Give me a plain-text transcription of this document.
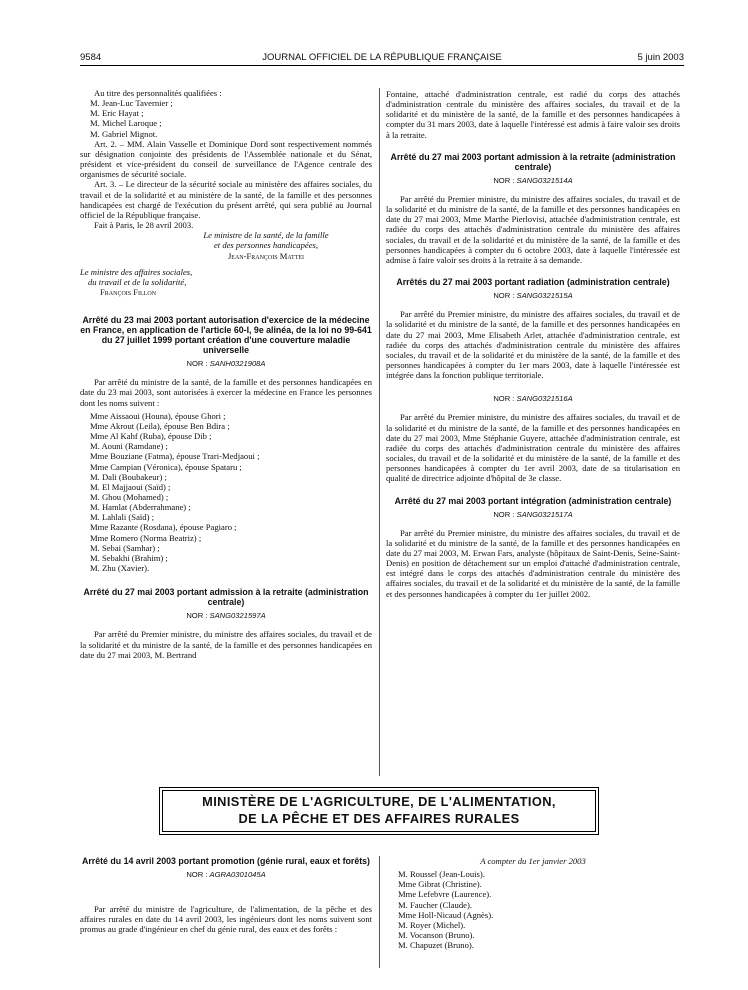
9584	JOURNAL OFFICIEL DE LA RÉPUBLIQUE FRANÇAISE	5 juin 2003

Au titre des personnalités qualifiées :

M. Jean-Luc Tavernier ;

M. Eric Hayat ;

M. Michel Laroque ;

M. Gabriel Mignot.

Art. 2. – MM. Alain Vasselle et Dominique Dord sont respectivement nommés sur désignation conjointe des présidents de l'Assemblée nationale et du Sénat, président et vice-président du conseil de surveillance de l'Agence centrale des organismes de sécurité sociale.

Art. 3. – Le directeur de la sécurité sociale au ministère des affaires sociales, du travail et de la solidarité et au ministère de la santé, de la famille et des personnes handicapées est chargé de l'exécution du présent arrêté, qui sera publié au Journal officiel de la République française.

Fait à Paris, le 28 avril 2003.

Le ministre de la santé, de la famille

et des personnes handicapées,

Jean-François Mattei

Le ministre des affaires sociales,

du travail et de la solidarité,

François Fillon

Arrêté du 23 mai 2003 portant autorisation d'exercice de la médecine en France, en application de l'article 60-I, 9e alinéa, de la loi no 99-641 du 27 juillet 1999 portant création d'une couverture maladie universelle

NOR : SANH0321908A

Par arrêté du ministre de la santé, de la famille et des personnes handicapées en date du 23 mai 2003, sont autorisées à exercer la médecine en France les personnes dont les noms suivent :

Mme Aissaoui (Houna), épouse Ghori ;

Mme Akrout (Leila), épouse Ben Bdira ;

Mme Al Kahf (Ruba), épouse Dib ;

M. Aouni (Ramdane) ;

Mme Bouziane (Fatma), épouse Trari-Medjaoui ;

Mme Campian (Véronica), épouse Spataru ;

M. Dali (Boubakeur) ;

M. El Majjaoui (Saïd) ;

M. Ghou (Mohamed) ;

M. Hamlat (Abderrahmane) ;

M. Lahlali (Saïd) ;

Mme Razante (Rosdana), épouse Pagiaro ;

Mme Romero (Norma Beatriz) ;

M. Sebai (Samhar) ;

M. Sebakhi (Brahim) ;

M. Zhu (Xavier).

Arrêté du 27 mai 2003 portant admission à la retraite (administration centrale)

NOR : SANG0321597A

Par arrêté du Premier ministre, du ministre des affaires sociales, du travail et de la solidarité et du ministre de la santé, de la famille et des personnes handicapées en date du 27 mai 2003, M. Bertrand

Fontaine, attaché d'administration centrale, est radié du corps des attachés d'administration centrale du ministère des affaires sociales, du travail et de la solidarité et du ministère de la santé, de la famille et des personnes handicapées à compter du 31 mars 2003, date à laquelle l'intéressé est admis à faire valoir ses droits à la retraite.

Arrêté du 27 mai 2003 portant admission à la retraite (administration centrale)

NOR : SANG0321514A

Par arrêté du Premier ministre, du ministre des affaires sociales, du travail et de la solidarité et du ministre de la santé, de la famille et des personnes handicapées en date du 27 mai 2003, Mme Marthe Pierlovisi, attachée d'administration centrale, est radiée du corps des attachés d'administration centrale du ministère des affaires sociales, du travail et de la solidarité et du ministère de la santé, de la famille et des personnes handicapées à compter du 6 octobre 2003, date à laquelle l'intéressée est admise à faire valoir ses droits à la retraite à sa demande.

Arrêtés du 27 mai 2003 portant radiation (administration centrale)

NOR : SANG0321515A

Par arrêté du Premier ministre, du ministre des affaires sociales, du travail et de la solidarité et du ministre de la santé, de la famille et des personnes handicapées en date du 27 mai 2003, Mme Elisabeth Arlet, attachée d'administration centrale, est radiée du corps des attachés d'administration centrale du ministère des affaires sociales, du travail et de la solidarité et du ministère de la santé, de la famille et des personnes handicapées à compter du 1er mars 2003, date à laquelle l'intéressée est intégrée dans la fonction publique territoriale.

NOR : SANG0321516A

Par arrêté du Premier ministre, du ministre des affaires sociales, du travail et de la solidarité et du ministre de la santé, de la famille et des personnes handicapées en date du 27 mai 2003, Mme Stéphanie Guyere, attachée d'administration centrale, est radiée du corps des attachés d'administration centrale du ministère des affaires sociales, du travail et de la solidarité et du ministère de la santé, de la famille et des personnes handicapées à compter du 1er avril 2003, date de sa titularisation en qualité de directrice adjointe d'hôpital de 3e classe.

Arrêté du 27 mai 2003 portant intégration (administration centrale)

NOR : SANG0321517A

Par arrêté du Premier ministre, du ministre des affaires sociales, du travail et de la solidarité et du ministre de la santé, de la famille et des personnes handicapées en date du 27 mai 2003, M. Erwan Fars, analyste (hôpitaux de Saint-Denis, Seine-Saint-Denis) en position de détachement sur un emploi d'attaché d'administration centrale, est intégré dans le corps des attachés d'administration centrale du ministère des affaires sociales, du travail et de la solidarité et du ministère de la santé, de la famille et des personnes handicapées à compter du 1er juillet 2002.

MINISTÈRE DE L'AGRICULTURE, DE L'ALIMENTATION,
DE LA PÊCHE ET DES AFFAIRES RURALES

Arrêté du 14 avril 2003 portant promotion (génie rural, eaux et forêts)

NOR : AGRA0301045A

Par arrêté du ministre de l'agriculture, de l'alimentation, de la pêche et des affaires rurales en date du 14 avril 2003, les ingénieurs dont les noms suivent sont promus au grade d'ingénieur en chef du génie rural, des eaux et des forêts :

A compter du 1er janvier 2003

M. Roussel (Jean-Louis).

Mme Gibrat (Christine).

Mme Lefebvre (Laurence).

M. Faucher (Claude).

Mme Holl-Nicaud (Agnès).

M. Royer (Michel).

M. Vocanson (Bruno).

M. Chapuzet (Bruno).
